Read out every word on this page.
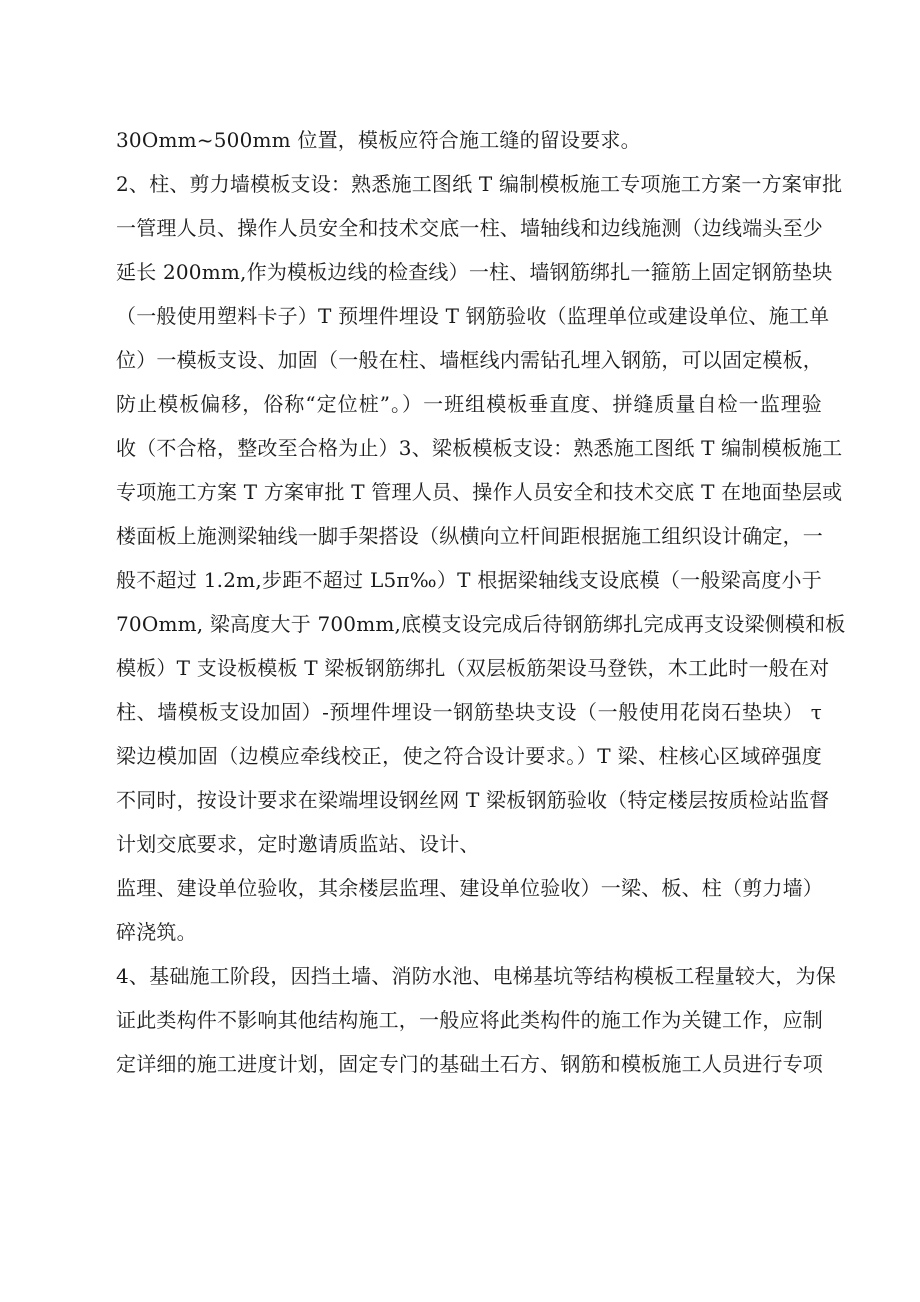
30Omm~500mm 位置，模板应符合施工缝的留设要求。
2、柱、剪力墙模板支设：熟悉施工图纸 T 编制模板施工专项施工方案一方案审批
一管理人员、操作人员安全和技术交底一柱、墙轴线和边线施测（边线端头至少
延长 200mm,作为模板边线的检查线）一柱、墙钢筋绑扎一箍筋上固定钢筋垫块
（一般使用塑料卡子）T 预埋件埋设 T 钢筋验收（监理单位或建设单位、施工单
位）一模板支设、加固（一般在柱、墙框线内需钻孔埋入钢筋，可以固定模板，
防止模板偏移，俗称“定位桩”。）一班组模板垂直度、拼缝质量自检一监理验
收（不合格，整改至合格为止）3、梁板模板支设：熟悉施工图纸 T 编制模板施工
专项施工方案 T 方案审批 T 管理人员、操作人员安全和技术交底 T 在地面垫层或
楼面板上施测梁轴线一脚手架搭设（纵横向立杆间距根据施工组织设计确定，一
般不超过 1.2m,步距不超过 L5π‰）T 根据梁轴线支设底模（一般梁高度小于
70Omm, 梁高度大于 700mm,底模支设完成后待钢筋绑扎完成再支设梁侧模和板
模板）T 支设板模板 T 梁板钢筋绑扎（双层板筋架设马登铁，木工此时一般在对
柱、墙模板支设加固）-预埋件埋设一钢筋垫块支设（一般使用花岗石垫块） τ
梁边模加固（边模应牵线校正，使之符合设计要求。）T 梁、柱核心区域碎强度
不同时，按设计要求在梁端埋设钢丝网 T 梁板钢筋验收（特定楼层按质检站监督
计划交底要求，定时邀请质监站、设计、
监理、建设单位验收，其余楼层监理、建设单位验收）一梁、板、柱（剪力墙）
碎浇筑。
4、基础施工阶段，因挡土墙、消防水池、电梯基坑等结构模板工程量较大，为保
证此类构件不影响其他结构施工，一般应将此类构件的施工作为关键工作，应制
定详细的施工进度计划，固定专门的基础土石方、钢筋和模板施工人员进行专项
